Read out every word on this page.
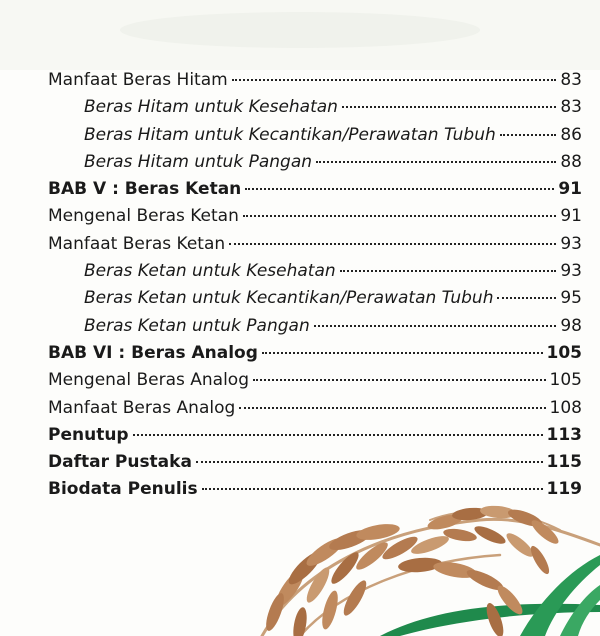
Manfaat Beras Hitam	83
Beras Hitam untuk Kesehatan	83
Beras Hitam untuk Kecantikan/Perawatan Tubuh	86
Beras Hitam untuk Pangan	88
BAB V : Beras Ketan	91
Mengenal Beras Ketan	91
Manfaat Beras Ketan	93
Beras Ketan untuk Kesehatan	93
Beras Ketan untuk Kecantikan/Perawatan Tubuh	95
Beras Ketan untuk Pangan	98
BAB VI : Beras Analog	105
Mengenal Beras Analog	105
Manfaat Beras Analog	108
Penutup	113
Daftar Pustaka	115
Biodata Penulis	119
